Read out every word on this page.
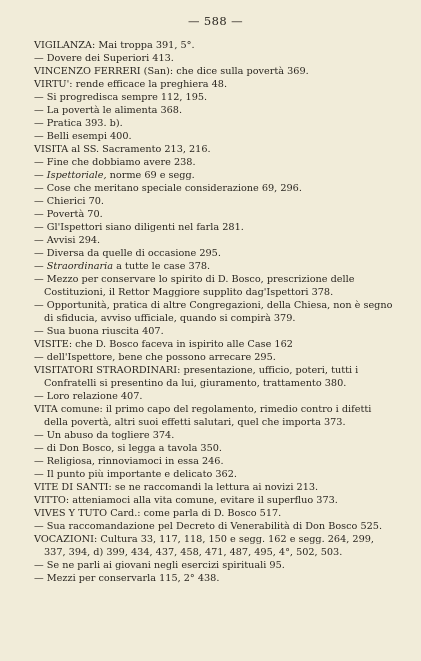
— 588 —

VIGILANZA: Mai troppa 391, 5°.

— Dovere dei Superiori 413.

VINCENZO FERRERI (San): che dice sulla povertà 369.

VIRTU': rende efficace la preghiera 48.

— Si progredisca sempre 112, 195.

— La povertà le alimenta 368.

— Pratica 393. b).

— Belli esempi 400.

VISITA al SS. Sacramento 213, 216.

— Fine che dobbiamo avere 238.

— Ispettoriale, norme 69 e segg.

— Cose che meritano speciale considerazione 69, 296.

— Chierici 70.

— Povertà 70.

— Gl'Ispettori siano diligenti nel farla 281.

— Avvisi 294.

— Diversa da quelle di occasione 295.

— Straordinaria a tutte le case 378.

— Mezzo per conservare lo spirito di D. Bosco, prescrizione delle Costituzioni, il Rettor Maggiore supplito dag'Ispettori 378.

— Opportunità, pratica di altre Congregazioni, della Chiesa, non è segno di sfiducia, avviso ufficiale, quando si compirà 379.

— Sua buona riuscita 407.

VISITE: che D. Bosco faceva in ispirito alle Case 162

— dell'Ispettore, bene che possono arrecare 295.

VISITATORI STRAORDINARI: presentazione, ufficio, poteri, tutti i Confratelli si presentino da lui, giuramento, trattamento 380.

— Loro relazione 407.

VITA comune: il primo capo del regolamento, rimedio contro i difetti della povertà, altri suoi effetti salutari, quel che importa 373.

— Un abuso da togliere 374.

— di Don Bosco, si legga a tavola 350.

— Religiosa, rinnoviamoci in essa 246.

— Il punto più importante e delicato 362.

VITE DI SANTI: se ne raccomandi la lettura ai novizi 213.

VITTO: atteniamoci alla vita comune, evitare il superfluo 373.

VIVES Y TUTO Card.: come parla di D. Bosco 517.

— Sua raccomandazione pel Decreto di Venerabilità di Don Bosco 525.

VOCAZIONI: Cultura 33, 117, 118, 150 e segg. 162 e segg. 264, 299, 337, 394, d) 399, 434, 437, 458, 471, 487, 495, 4°, 502, 503.

— Se ne parli ai giovani negli esercizi spirituali 95.

— Mezzi per conservarla 115, 2° 438.
